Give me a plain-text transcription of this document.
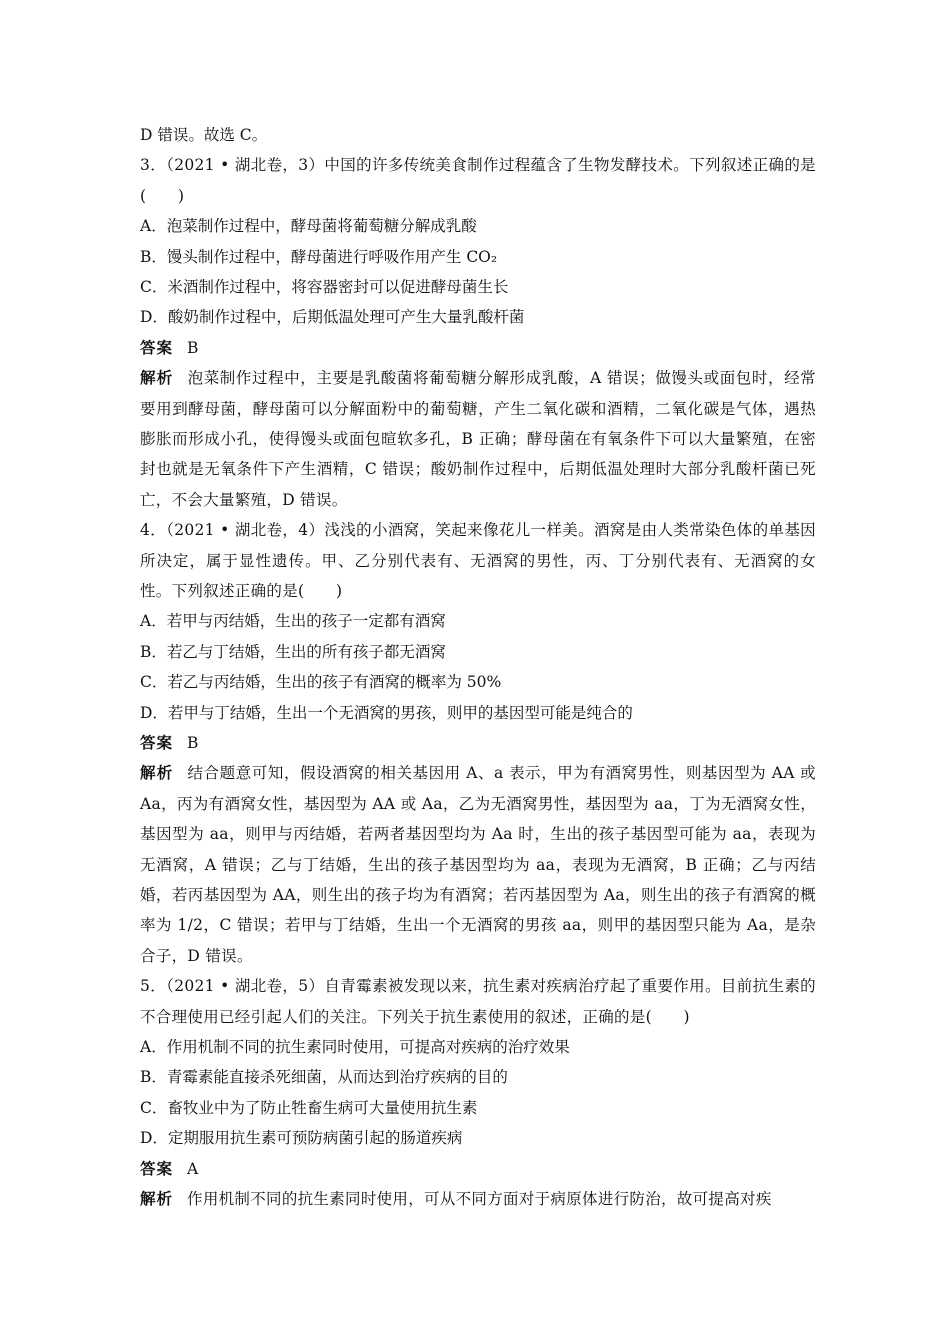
D 错误。故选 C。
3．（2021 • 湖北卷，3）中国的许多传统美食制作过程蕴含了生物发酵技术。下列叙述正确的是(　　)
A．泡菜制作过程中，酵母菌将葡萄糖分解成乳酸
B．馒头制作过程中，酵母菌进行呼吸作用产生 CO₂
C．米酒制作过程中，将容器密封可以促进酵母菌生长
D．酸奶制作过程中，后期低温处理可产生大量乳酸杆菌
答案 B
解析 泡菜制作过程中，主要是乳酸菌将葡萄糖分解形成乳酸，A 错误；做馒头或面包时，经常要用到酵母菌，酵母菌可以分解面粉中的葡萄糖，产生二氧化碳和酒精，二氧化碳是气体，遇热膨胀而形成小孔，使得馒头或面包暄软多孔，B 正确；酵母菌在有氧条件下可以大量繁殖，在密封也就是无氧条件下产生酒精，C 错误；酸奶制作过程中，后期低温处理时大部分乳酸杆菌已死亡，不会大量繁殖，D 错误。
4．（2021 • 湖北卷，4）浅浅的小酒窝，笑起来像花儿一样美。酒窝是由人类常染色体的单基因所决定，属于显性遗传。甲、乙分别代表有、无酒窝的男性，丙、丁分别代表有、无酒窝的女性。下列叙述正确的是(　　)
A．若甲与丙结婚，生出的孩子一定都有酒窝
B．若乙与丁结婚，生出的所有孩子都无酒窝
C．若乙与丙结婚，生出的孩子有酒窝的概率为 50%
D．若甲与丁结婚，生出一个无酒窝的男孩，则甲的基因型可能是纯合的
答案 B
解析 结合题意可知，假设酒窝的相关基因用 A、a 表示，甲为有酒窝男性，则基因型为 AA 或 Aa，丙为有酒窝女性，基因型为 AA 或 Aa，乙为无酒窝男性，基因型为 aa，丁为无酒窝女性，基因型为 aa，则甲与丙结婚，若两者基因型均为 Aa 时，生出的孩子基因型可能为 aa，表现为无酒窝，A 错误；乙与丁结婚，生出的孩子基因型均为 aa，表现为无酒窝，B 正确；乙与丙结婚，若丙基因型为 AA，则生出的孩子均为有酒窝；若丙基因型为 Aa，则生出的孩子有酒窝的概率为 1/2，C 错误；若甲与丁结婚，生出一个无酒窝的男孩 aa，则甲的基因型只能为 Aa，是杂合子，D 错误。
5．（2021 • 湖北卷，5）自青霉素被发现以来，抗生素对疾病治疗起了重要作用。目前抗生素的不合理使用已经引起人们的关注。下列关于抗生素使用的叙述，正确的是(　　)
A．作用机制不同的抗生素同时使用，可提高对疾病的治疗效果
B．青霉素能直接杀死细菌，从而达到治疗疾病的目的
C．畜牧业中为了防止牲畜生病可大量使用抗生素
D．定期服用抗生素可预防病菌引起的肠道疾病
答案 A
解析 作用机制不同的抗生素同时使用，可从不同方面对于病原体进行防治，故可提高对疾
